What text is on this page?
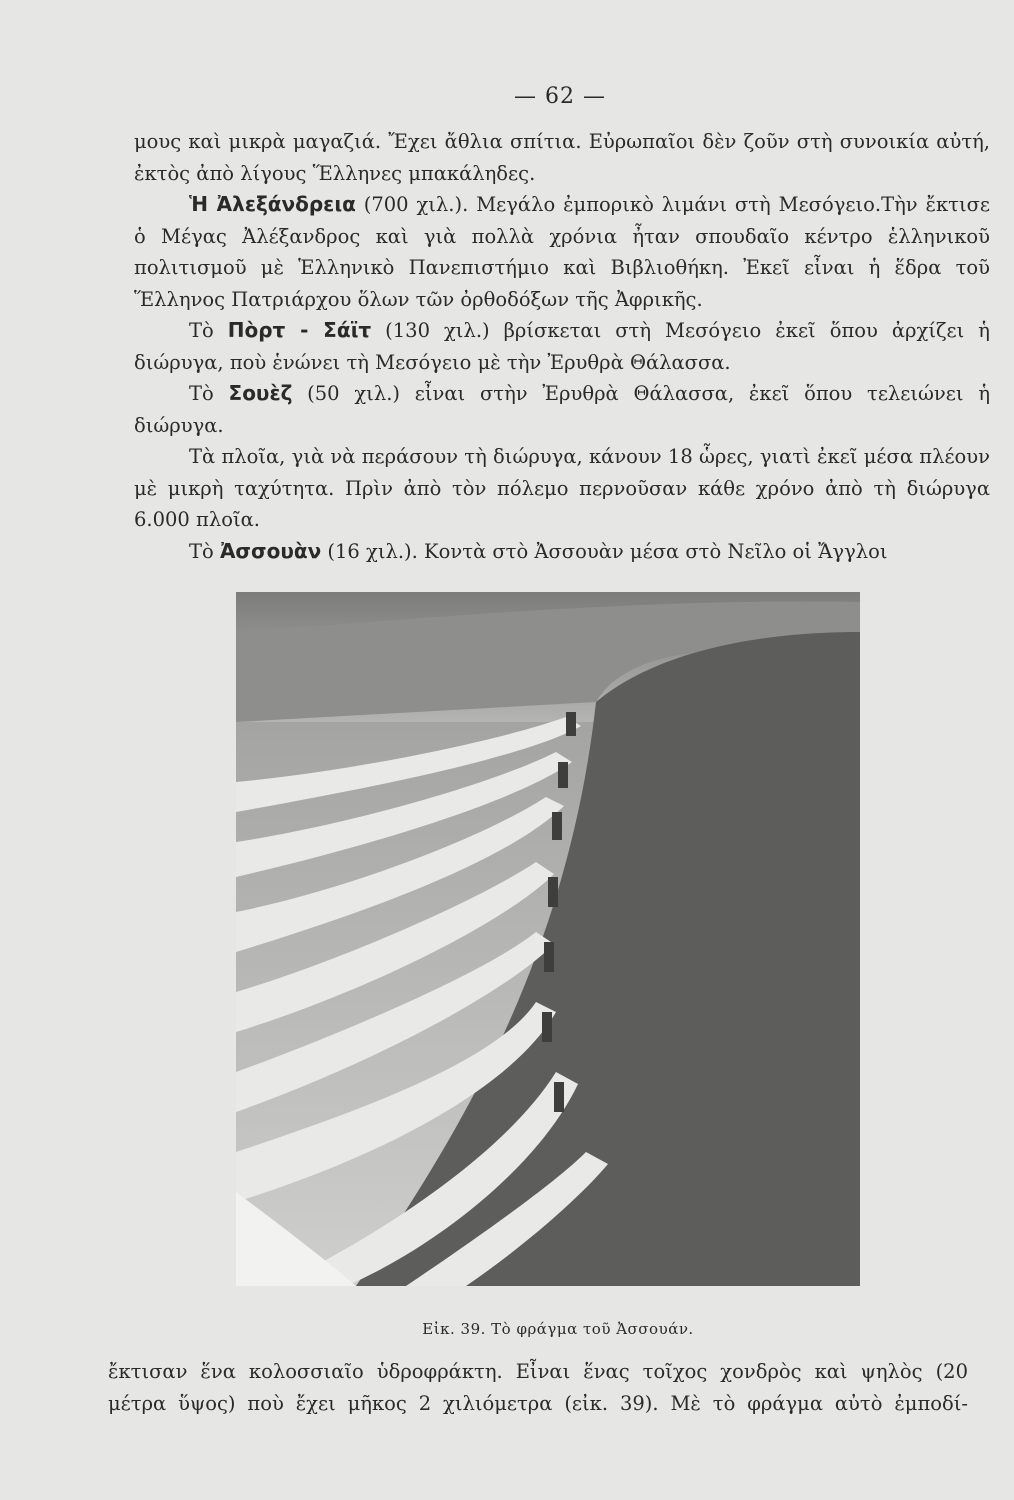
— 62 —

μους καὶ μικρὰ μαγαζιά. Ἔχει ἄθλια σπίτια. Εὐρωπαῖοι δὲν ζοῦν στὴ συνοικία αὐτή, ἐκτὸς ἀπὸ λίγους Ἕλληνες μπακάληδες.

Ἡ Ἀλεξάνδρεια (700 χιλ.). Μεγάλο ἐμπορικὸ λιμάνι στὴ Μεσόγειο.Τὴν ἔκτισε ὁ Μέγας Ἀλέξανδρος καὶ γιὰ πολλὰ χρόνια ἦταν σπουδαῖο κέντρο ἑλληνικοῦ πολιτισμοῦ μὲ Ἑλληνικὸ Πανεπιστήμιο καὶ Βιβλιοθήκη. Ἐκεῖ εἶναι ἡ ἕδρα τοῦ Ἕλληνος Πατριάρχου ὅλων τῶν ὀρθοδόξων τῆς Ἀφρικῆς.

Τὸ Πὸρτ - Σάϊτ (130 χιλ.) βρίσκεται στὴ Μεσόγειο ἐκεῖ ὅπου ἀρχίζει ἡ διώρυγα, ποὺ ἑνώνει τὴ Μεσόγειο μὲ τὴν Ἐρυθρὰ Θάλασσα.

Τὸ Σουὲζ (50 χιλ.) εἶναι στὴν Ἐρυθρὰ Θάλασσα, ἐκεῖ ὅπου τελειώνει ἡ διώρυγα.

Τὰ πλοῖα, γιὰ νὰ περάσουν τὴ διώρυγα, κάνουν 18 ὧρες, γιατὶ ἐκεῖ μέσα πλέουν μὲ μικρὴ ταχύτητα. Πρὶν ἀπὸ τὸν πόλεμο περνοῦσαν κάθε χρόνο ἀπὸ τὴ διώρυγα 6.000 πλοῖα.

Τὸ Ἀσσουὰν (16 χιλ.). Κοντὰ στὸ Ἀσσουὰν μέσα στὸ Νεῖλο οἱ Ἄγγλοι

Εἰκ. 39. Τὸ φράγμα τοῦ Ἀσσουάν.

ἔκτισαν ἕνα κολοσσιαῖο ὑδροφράκτη. Εἶναι ἕνας τοῖχος χονδρὸς καὶ ψηλὸς (20

μέτρα ὕψος) ποὺ ἔχει μῆκος 2 χιλιόμετρα (εἰκ. 39). Μὲ τὸ φράγμα αὐτὸ ἐμποδί-
